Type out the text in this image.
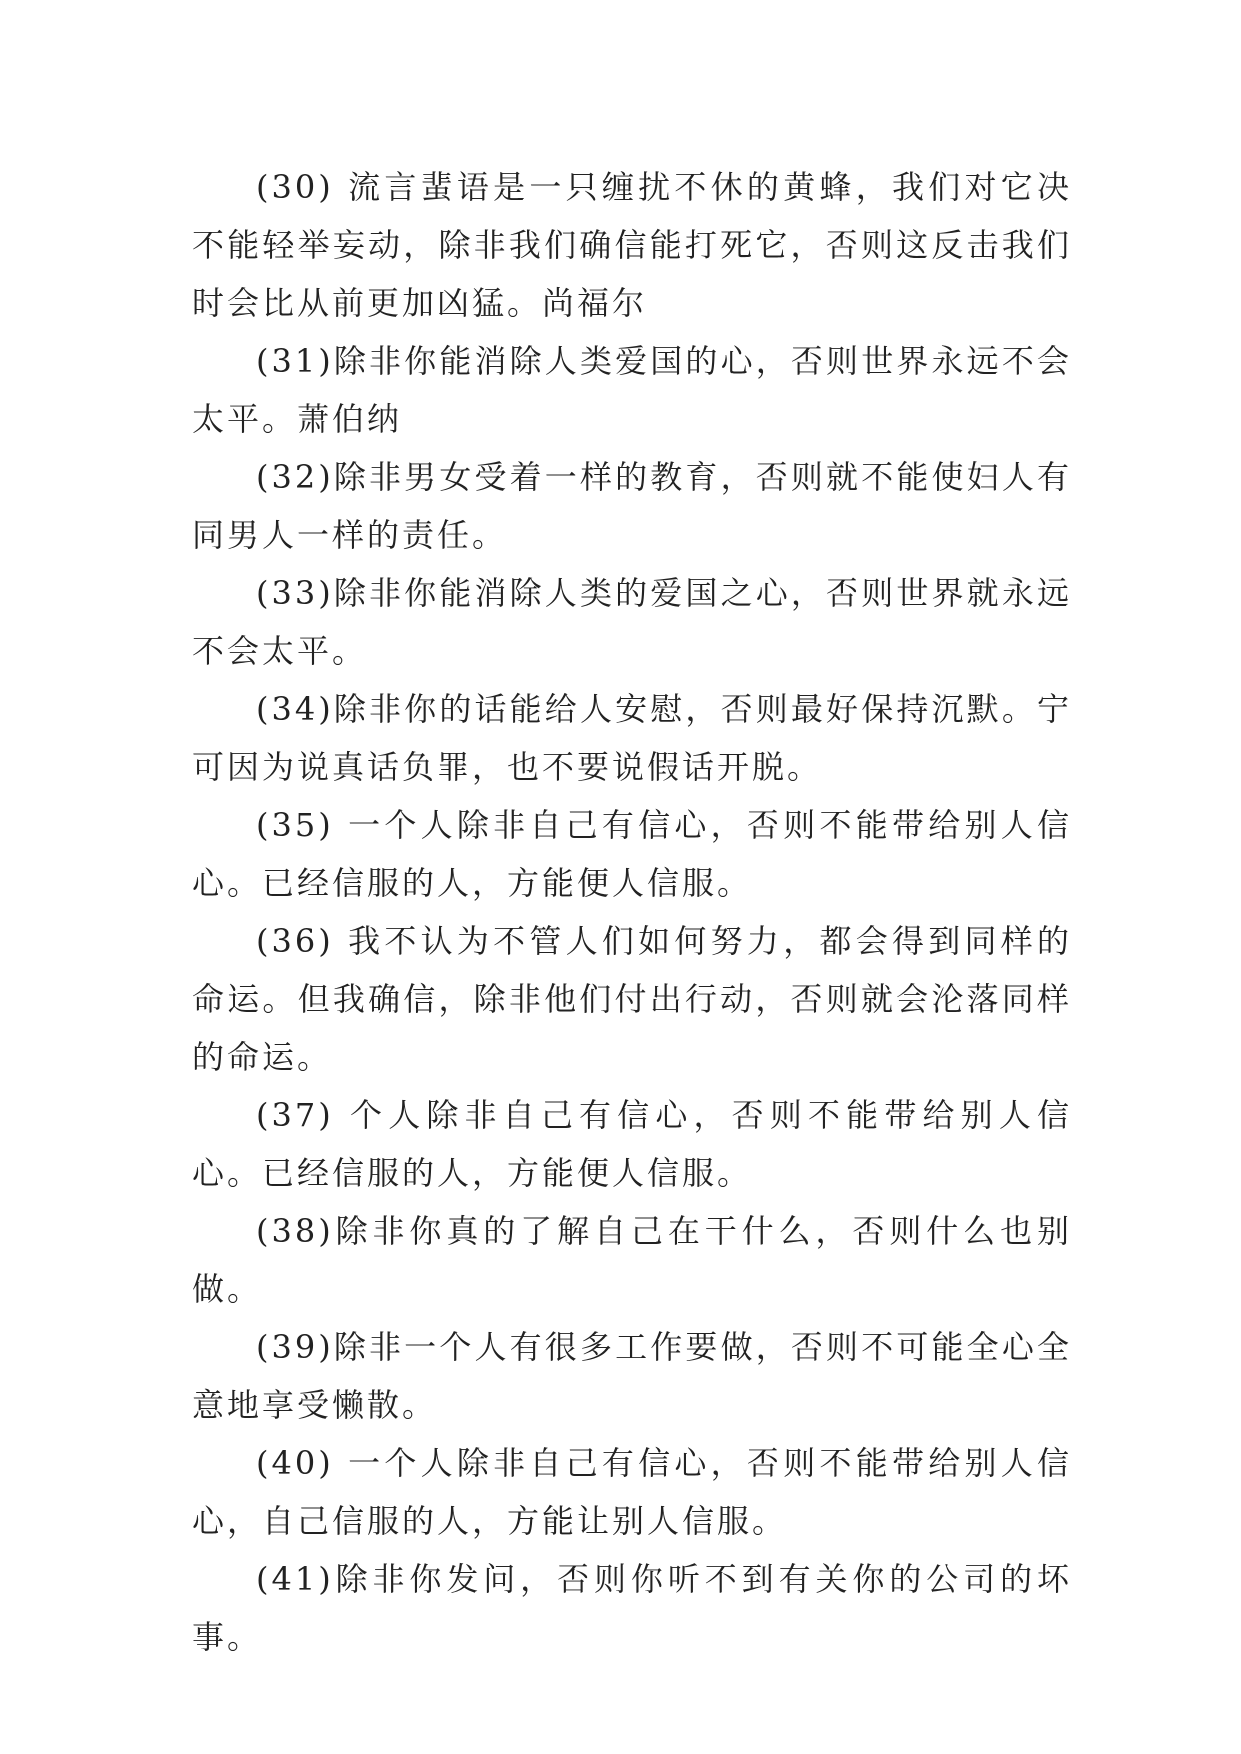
(30) 流言蜚语是一只缠扰不休的黄蜂，我们对它决不能轻举妄动，除非我们确信能打死它，否则这反击我们时会比从前更加凶猛。尚福尔

(31)除非你能消除人类爱国的心，否则世界永远不会太平。萧伯纳

(32)除非男女受着一样的教育，否则就不能使妇人有同男人一样的责任。

(33)除非你能消除人类的爱国之心，否则世界就永远不会太平。

(34)除非你的话能给人安慰，否则最好保持沉默。宁可因为说真话负罪，也不要说假话开脱。

(35) 一个人除非自己有信心，否则不能带给别人信心。已经信服的人，方能便人信服。

(36) 我不认为不管人们如何努力，都会得到同样的命运。但我确信，除非他们付出行动，否则就会沦落同样的命运。

(37) 个人除非自己有信心，否则不能带给别人信心。已经信服的人，方能便人信服。

(38)除非你真的了解自己在干什么，否则什么也别做。

(39)除非一个人有很多工作要做，否则不可能全心全意地享受懒散。

(40) 一个人除非自己有信心，否则不能带给别人信心，自己信服的人，方能让别人信服。

(41)除非你发问，否则你听不到有关你的公司的坏事。
